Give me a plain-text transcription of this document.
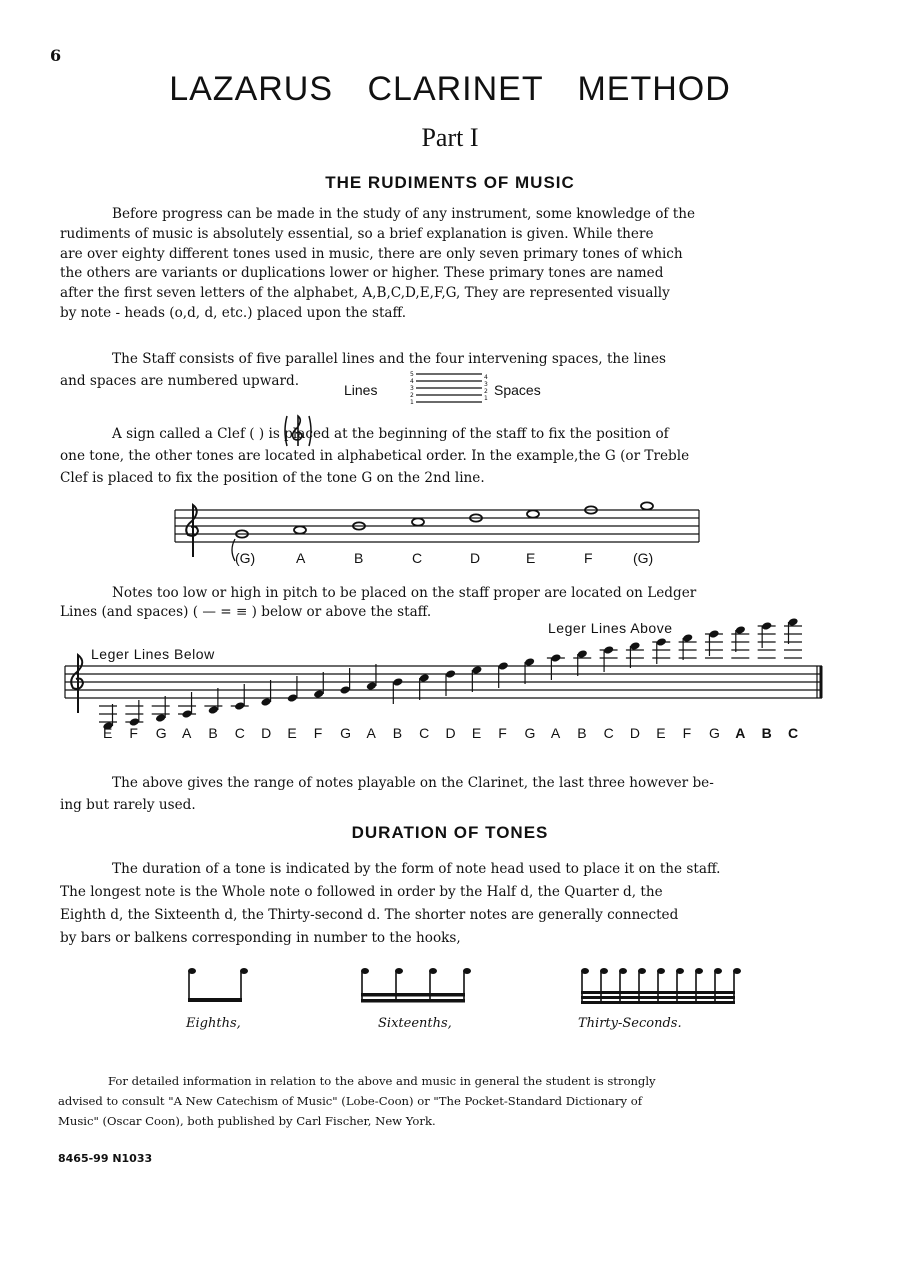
6
LAZARUS CLARINET METHOD
Part I
THE RUDIMENTS OF MUSIC
Before progress can be made in the study of any instrument, some knowledge of the
rudiments of music is absolutely essential, so a brief explanation is given. While there
are over eighty different tones used in music, there are only seven primary tones of which
the others are variants or duplications lower or higher. These primary tones are named
after the first seven letters of the alphabet, A,B,C,D,E,F,G, They are represented visually
by note - heads (o,d, d, etc.) placed upon the staff.
The Staff consists of five parallel lines and the four intervening spaces, the lines
and spaces are numbered upward.
Lines
5
4
3
2
1
4
3
2
1
Spaces
A sign called a Clef ( ) is placed at the beginning of the staff to fix the position of
one tone, the other tones are located in alphabetical order. In the example,the G (or Treble
Clef is placed to fix the position of the tone G on the 2nd line.
(G)	A	B	C	D	E	F	(G)
Notes too low or high in pitch to be placed on the staff proper are located on Ledger
Lines (and spaces) ( — = ≡ ) below or above the staff.
Leger Lines Below
Leger Lines Above
E F G A B C D E F G A B C D E F G A B C D E F G A B C
The above gives the range of notes playable on the Clarinet, the last three however be-
ing but rarely used.
DURATION OF TONES
The duration of a tone is indicated by the form of note head used to place it on the staff.
The longest note is the Whole note o followed in order by the Half d, the Quarter d, the
Eighth d, the Sixteenth d, the Thirty-second d. The shorter notes are generally connected
by bars or balkens corresponding in number to the hooks,
Eighths,	Sixteenths,	Thirty-Seconds.
For detailed information in relation to the above and music in general the student is strongly
advised to consult "A New Catechism of Music" (Lobe-Coon) or "The Pocket-Standard Dictionary of
Music" (Oscar Coon), both published by Carl Fischer, New York.
8465-99 N1033
